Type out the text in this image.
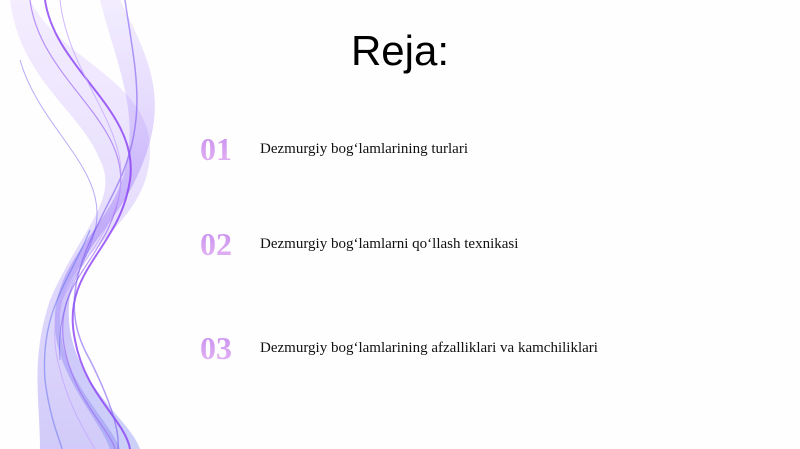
Reja:
01	Dezmurgiy bog‘lamlarining turlari
02	Dezmurgiy bog‘lamlarni qo‘llash texnikasi
03	Dezmurgiy bog‘lamlarining afzalliklari va kamchiliklari
